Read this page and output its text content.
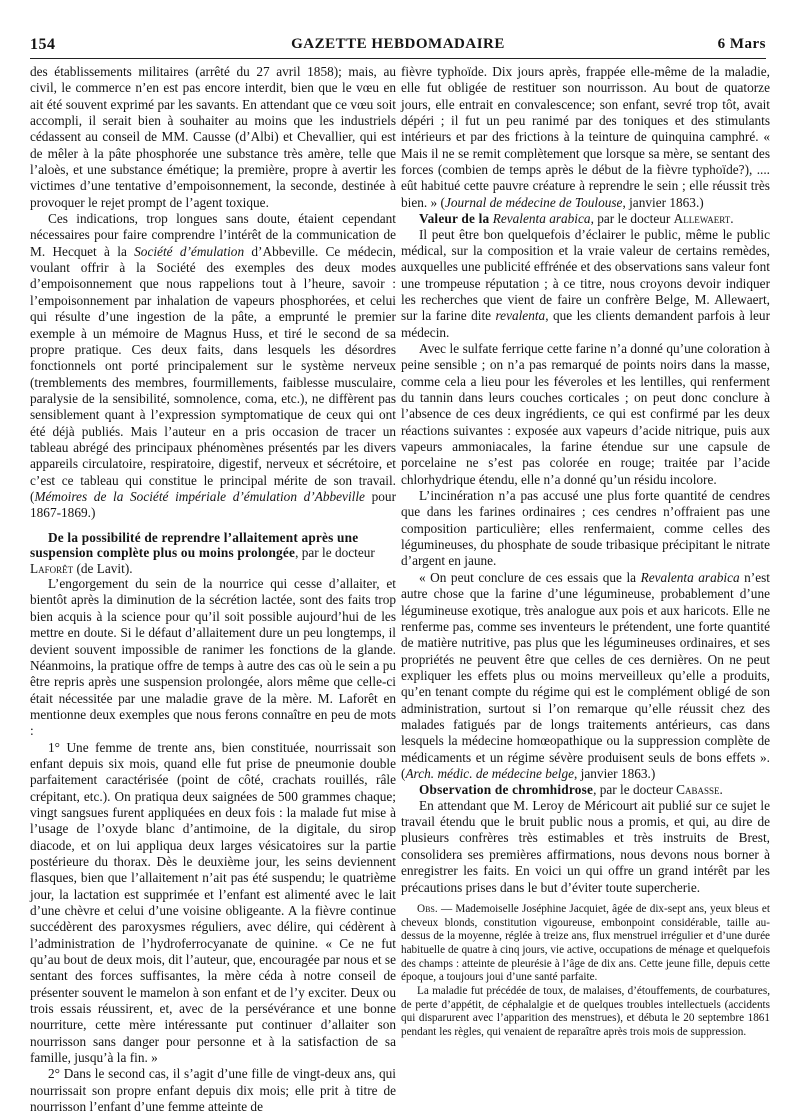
154	GAZETTE HEBDOMADAIRE	6 Mars

des établissements militaires (arrêté du 27 avril 1858); mais, au civil, le commerce n’en est pas encore interdit, bien que le vœu en ait été souvent exprimé par les savants. En attendant que ce vœu soit accompli, il serait bien à souhaiter au moins que les industriels cédassent au conseil de MM. Causse (d’Albi) et Chevallier, qui est de mêler à la pâte phosphorée une substance très amère, telle que l’aloès, et une substance émétique; la première, propre à avertir les victimes d’une tentative d’empoisonnement, la seconde, destinée à provoquer le rejet prompt de l’agent toxique.

Ces indications, trop longues sans doute, étaient cependant nécessaires pour faire comprendre l’intérêt de la communication de M. Hecquet à la Société d’émulation d’Abbeville. Ce médecin, voulant offrir à la Société des exemples des deux modes d’empoisonnement que nous rappelions tout à l’heure, savoir : l’empoisonnement par inhalation de vapeurs phosphorées, et celui qui résulte d’une ingestion de la pâte, a emprunté le premier exemple à un mémoire de Magnus Huss, et tiré le second de sa propre pratique. Ces deux faits, dans lesquels les désordres fonctionnels ont porté principalement sur le système nerveux (tremblements des membres, fourmillements, faiblesse musculaire, paralysie de la sensibilité, somnolence, coma, etc.), ne diffèrent pas sensiblement quant à l’expression symptomatique de ceux qui ont été déjà publiés. Mais l’auteur en a pris occasion de tracer un tableau abrégé des principaux phénomènes présentés par les divers appareils circulatoire, respiratoire, digestif, nerveux et sécrétoire, et c’est ce tableau qui constitue le principal mérite de son travail. (Mémoires de la Société impériale d’émulation d’Abbeville pour 1867-1869.)

De la possibilité de reprendre l’allaitement après une suspension complète plus ou moins prolongée, par le docteur Laforêt (de Lavit).

L’engorgement du sein de la nourrice qui cesse d’allaiter, et bientôt après la diminution de la sécrétion lactée, sont des faits trop bien acquis à la science pour qu’il soit possible aujourd’hui de les mettre en doute. Si le défaut d’allaitement dure un peu longtemps, il devient souvent impossible de ranimer les fonctions de la glande. Néanmoins, la pratique offre de temps à autre des cas où le sein a pu être repris après une suspension prolongée, alors même que celle-ci était nécessitée par une maladie grave de la mère. M. Laforêt en mentionne deux exemples que nous ferons connaître en peu de mots :

1° Une femme de trente ans, bien constituée, nourrissait son enfant depuis six mois, quand elle fut prise de pneumonie double parfaitement caractérisée (point de côté, crachats rouillés, râle crépitant, etc.). On pratiqua deux saignées de 500 grammes chaque; vingt sangsues furent appliquées en deux fois : la malade fut mise à l’usage de l’oxyde blanc d’antimoine, de la digitale, du sirop diacode, et on lui appliqua deux larges vésicatoires sur la partie postérieure du thorax. Dès le deuxième jour, les seins deviennent flasques, bien que l’allaitement n’ait pas été suspendu; le quatrième jour, la lactation est supprimée et l’enfant est alimenté avec le lait d’une chèvre et celui d’une voisine obligeante. A la fièvre continue succédèrent des paroxysmes réguliers, avec délire, qui cédèrent à l’administration de l’hydroferrocyanate de quinine. « Ce ne fut qu’au bout de deux mois, dit l’auteur, que, encouragée par nous et se sentant des forces suffisantes, la mère céda à notre conseil de présenter souvent le mamelon à son enfant et de l’y exciter. Deux ou trois essais réussirent, et, avec de la persévérance et une bonne nourriture, cette mère intéressante put continuer d’allaiter son nourrisson sans danger pour personne et à la satisfaction de sa famille, jusqu’à la fin. »

2° Dans le second cas, il s’agit d’une fille de vingt-deux ans, qui nourrissait son propre enfant depuis dix mois; elle prit à titre de nourrisson l’enfant d’une femme atteinte de

fièvre typhoïde. Dix jours après, frappée elle-même de la maladie, elle fut obligée de restituer son nourrisson. Au bout de quatorze jours, elle entrait en convalescence; son enfant, sevré trop tôt, avait dépéri ; il fut un peu ranimé par des toniques et des stimulants intérieurs et par des frictions à la teinture de quinquina camphré. « Mais il ne se remit complètement que lorsque sa mère, se sentant des forces (combien de temps après le début de la fièvre typhoïde?), .... eût habitué cette pauvre créature à reprendre le sein ; elle réussit très bien. » (Journal de médecine de Toulouse, janvier 1863.)

Valeur de la Revalenta arabica, par le docteur Allewaert.

Il peut être bon quelquefois d’éclairer le public, même le public médical, sur la composition et la vraie valeur de certains remèdes, auxquelles une publicité effrénée et des observations sans valeur font une trompeuse réputation ; à ce titre, nous croyons devoir indiquer les recherches que vient de faire un confrère Belge, M. Allewaert, sur la farine dite revalenta, que les clients demandent parfois à leur médecin.

Avec le sulfate ferrique cette farine n’a donné qu’une coloration à peine sensible ; on n’a pas remarqué de points noirs dans la masse, comme cela a lieu pour les féveroles et les lentilles, qui renferment du tannin dans leurs couches corticales ; on peut donc conclure à l’absence de ces deux ingrédients, ce qui est confirmé par les deux réactions suivantes : exposée aux vapeurs d’acide nitrique, puis aux vapeurs ammoniacales, la farine étendue sur une capsule de porcelaine ne s’est pas colorée en rouge; traitée par l’acide chlorhydrique étendu, elle n’a donné qu’un résidu incolore.

L’incinération n’a pas accusé une plus forte quantité de cendres que dans les farines ordinaires ; ces cendres n’offraient pas une composition particulière; elles renfermaient, comme celles des légumineuses, du phosphate de soude tribasique précipitant le nitrate d’argent en jaune.

« On peut conclure de ces essais que la Revalenta arabica n’est autre chose que la farine d’une légumineuse, probablement d’une légumineuse exotique, très analogue aux pois et aux haricots. Elle ne renferme pas, comme ses inventeurs le prétendent, une forte quantité de matière nutritive, pas plus que les légumineuses ordinaires, et ses propriétés ne peuvent être que celles de ces dernières. On ne peut expliquer les effets plus ou moins merveilleux qu’elle a produits, qu’en tenant compte du régime qui est le complément obligé de son administration, surtout si l’on remarque qu’elle réussit chez des malades fatigués par de longs traitements antérieurs, cas dans lesquels la médecine homœopathique ou la suppression complète de médicaments et un régime sévère produisent seuls de bons effets ». (Arch. médic. de médecine belge, janvier 1863.)

Observation de chromhidrose, par le docteur Cabasse.

En attendant que M. Leroy de Méricourt ait publié sur ce sujet le travail étendu que le bruit public nous a promis, et qui, au dire de plusieurs confrères très estimables et très instruits de Brest, consolidera ses premières affirmations, nous devons nous borner à enregistrer les faits. En voici un qui offre un grand intérêt par les précautions prises dans le but d’éviter toute supercherie.

Obs. — Mademoiselle Joséphine Jacquiet, âgée de dix-sept ans, yeux bleus et cheveux blonds, constitution vigoureuse, embonpoint considérable, taille au-dessus de la moyenne, réglée à treize ans, flux menstruel irrégulier et d’une durée habituelle de quatre à cinq jours, vie active, occupations de ménage et quelquefois des champs : atteinte de pleurésie à l’âge de dix ans. Cette jeune fille, depuis cette époque, a toujours joui d’une santé parfaite.

La maladie fut précédée de toux, de malaises, d’étouffements, de courbatures, de perte d’appétit, de céphalalgie et de quelques troubles intellectuels (accidents qui disparurent avec l’apparition des menstrues), et débuta le 20 septembre 1861 pendant les règles, qui venaient de reparaître après trois mois de suppression.
